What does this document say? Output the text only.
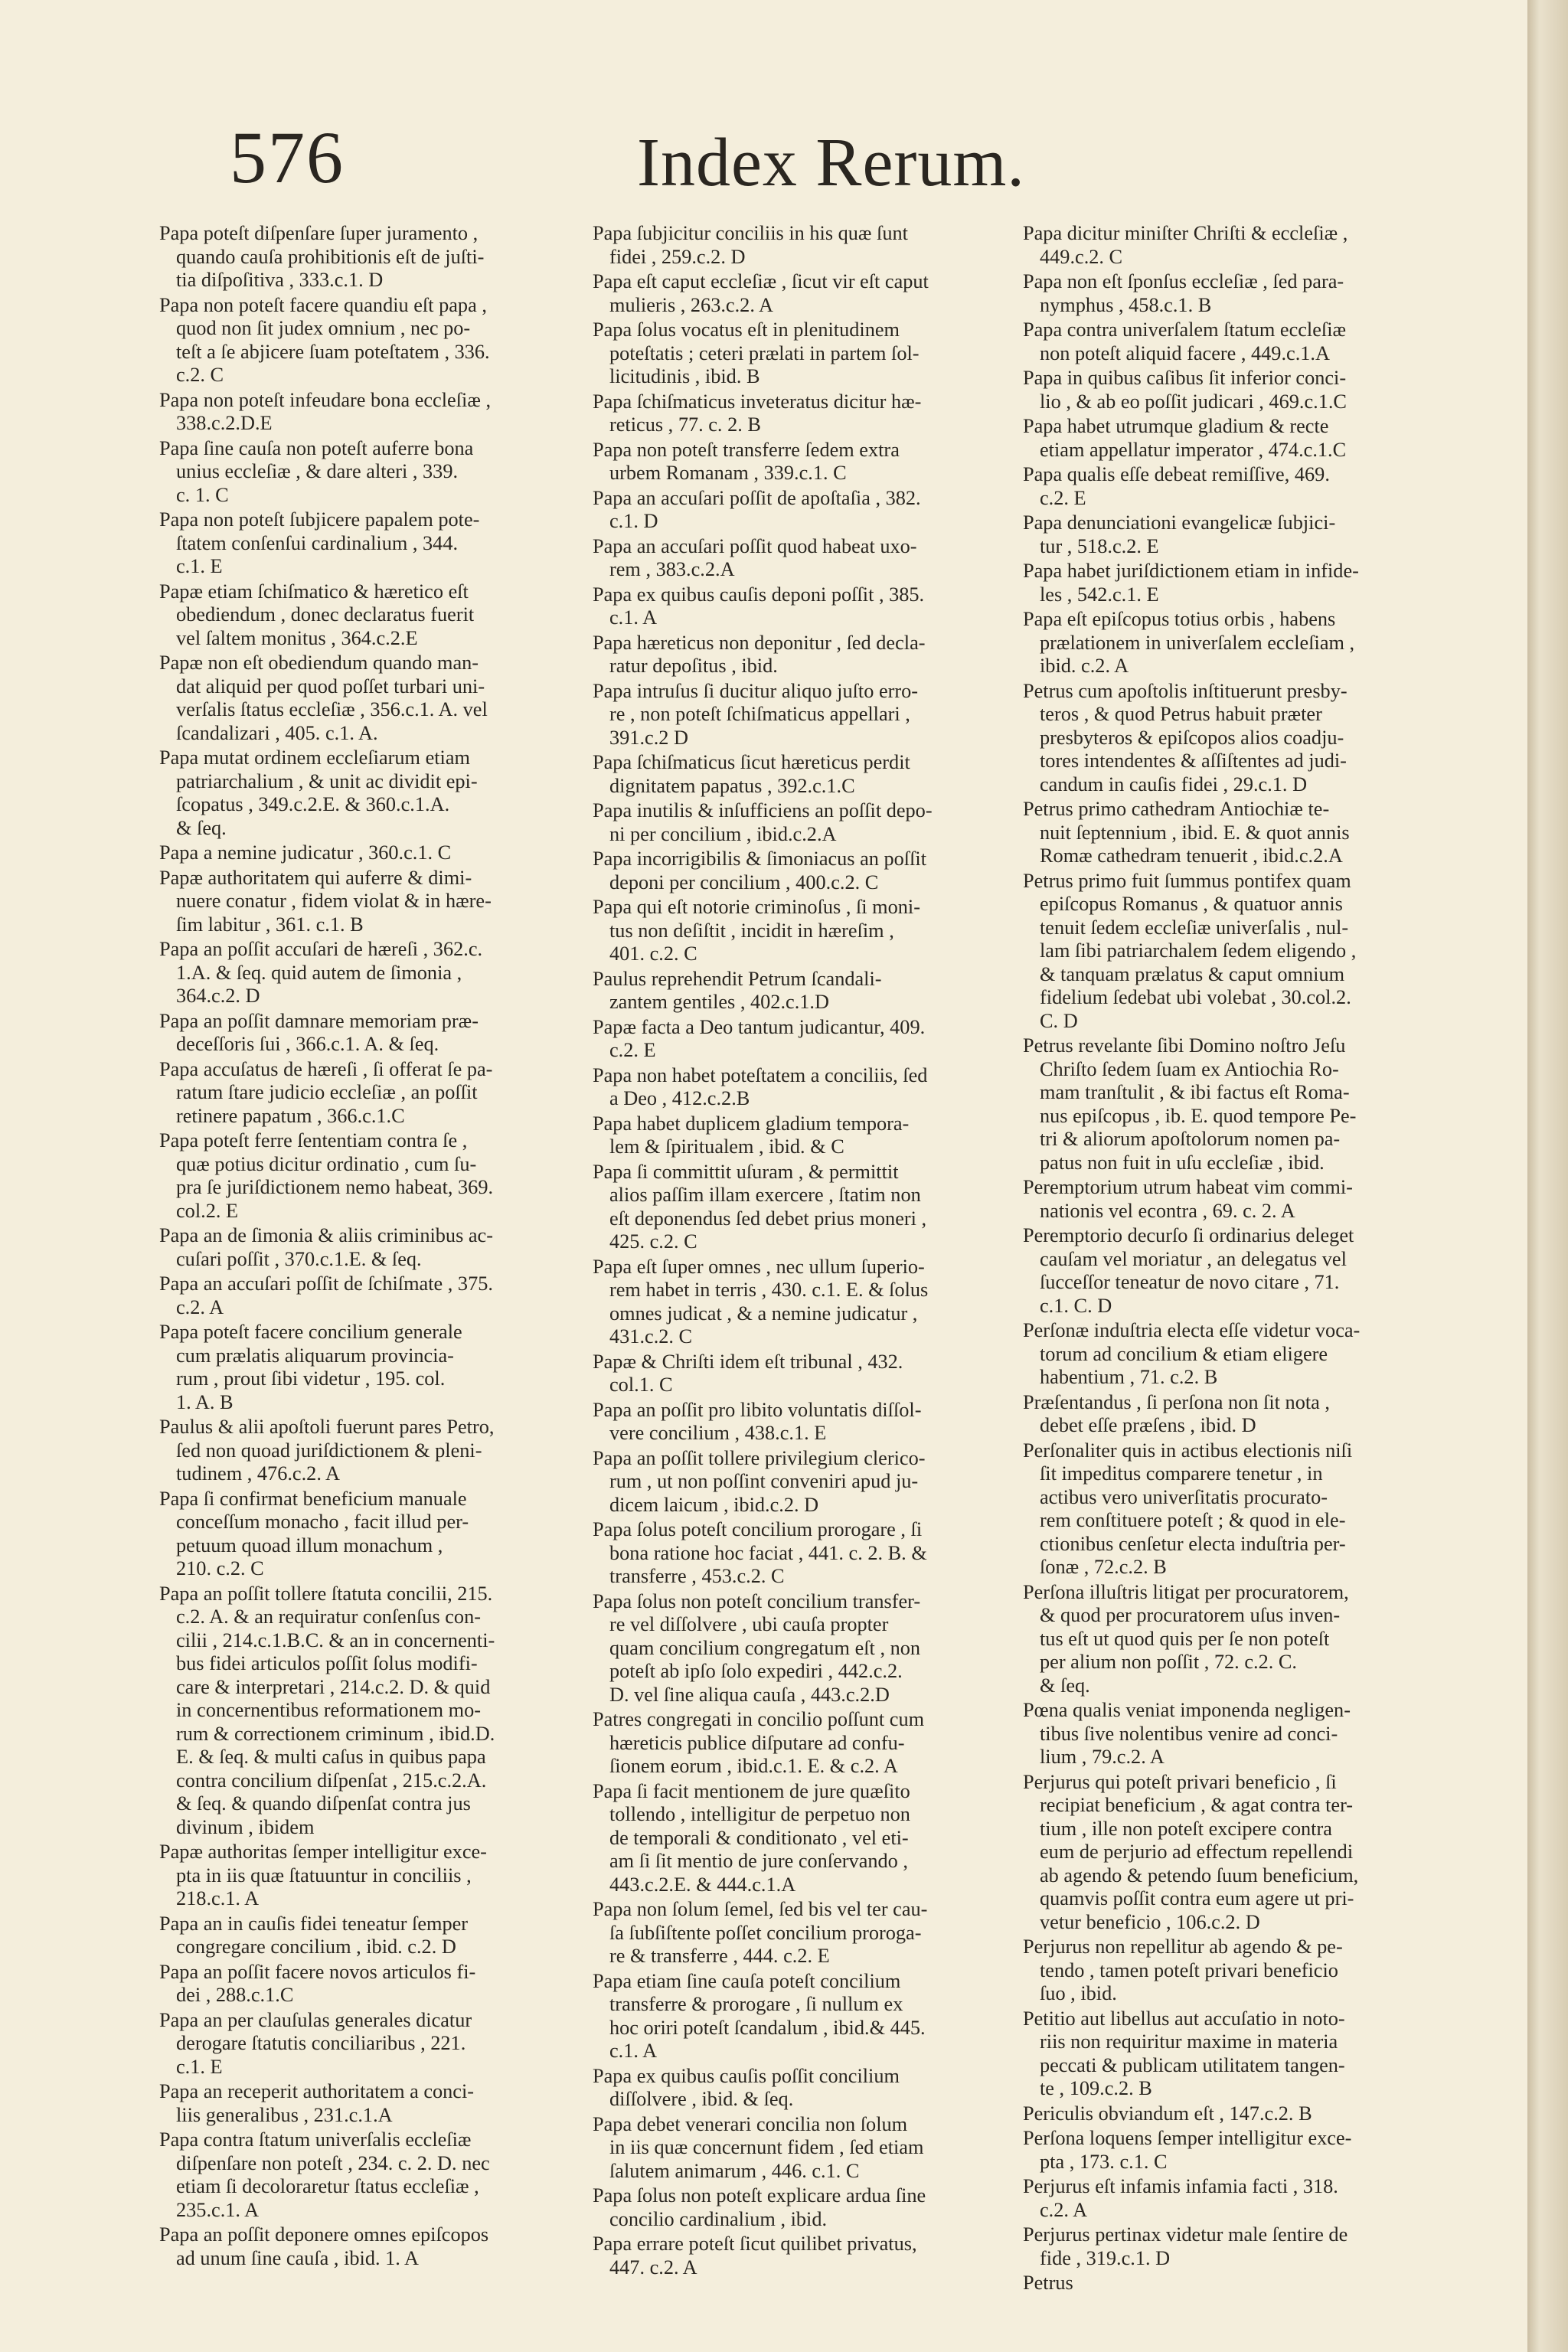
576	Index Rerum.

Papa poteſt diſpenſare ſuper juramento ,
quando cauſa prohibitionis eſt de juſti-
tia diſpoſitiva , 333.c.1. D

Papa non poteſt facere quandiu eſt papa ,
quod non ſit judex omnium , nec po-
teſt a ſe abjicere ſuam poteſtatem , 336.
c.2. C

Papa non poteſt infeudare bona eccleſiæ ,
338.c.2.D.E

Papa ſine cauſa non poteſt auferre bona
unius eccleſiæ , & dare alteri , 339.
c. 1. C

Papa non poteſt ſubjicere papalem pote-
ſtatem conſenſui cardinalium , 344.
c.1. E

Papæ etiam ſchiſmatico & hæretico eſt
obediendum , donec declaratus fuerit
vel ſaltem monitus , 364.c.2.E

Papæ non eſt obediendum quando man-
dat aliquid per quod poſſet turbari uni-
verſalis ſtatus eccleſiæ , 356.c.1. A. vel
ſcandalizari , 405. c.1. A.

Papa mutat ordinem eccleſiarum etiam
patriarchalium , & unit ac dividit epi-
ſcopatus , 349.c.2.E. & 360.c.1.A.
& ſeq.

Papa a nemine judicatur , 360.c.1. C

Papæ authoritatem qui auferre & dimi-
nuere conatur , fidem violat & in hære-
ſim labitur , 361. c.1. B

Papa an poſſit accuſari de hæreſi , 362.c.
1.A. & ſeq. quid autem de ſimonia ,
364.c.2. D

Papa an poſſit damnare memoriam præ-
deceſſoris ſui , 366.c.1. A. & ſeq.

Papa accuſatus de hæreſi , ſi offerat ſe pa-
ratum ſtare judicio eccleſiæ , an poſſit
retinere papatum , 366.c.1.C

Papa poteſt ferre ſententiam contra ſe ,
quæ potius dicitur ordinatio , cum ſu-
pra ſe juriſdictionem nemo habeat, 369.
col.2. E

Papa an de ſimonia & aliis criminibus ac-
cuſari poſſit , 370.c.1.E. & ſeq.

Papa an accuſari poſſit de ſchiſmate , 375.
c.2. A

Papa poteſt facere concilium generale
cum prælatis aliquarum provincia-
rum , prout ſibi videtur , 195. col.
1. A. B

Paulus & alii apoſtoli fuerunt pares Petro,
ſed non quoad juriſdictionem & pleni-
tudinem , 476.c.2. A

Papa ſi confirmat beneficium manuale
conceſſum monacho , facit illud per-
petuum quoad illum monachum ,
210. c.2. C

Papa an poſſit tollere ſtatuta concilii, 215.
c.2. A. & an requiratur conſenſus con-
cilii , 214.c.1.B.C. & an in concernenti-
bus fidei articulos poſſit ſolus modifi-
care & interpretari , 214.c.2. D. & quid
in concernentibus reformationem mo-
rum & correctionem criminum , ibid.D.
E. & ſeq. & multi caſus in quibus papa
contra concilium diſpenſat , 215.c.2.A.
& ſeq. & quando diſpenſat contra jus
divinum , ibidem

Papæ authoritas ſemper intelligitur exce-
pta in iis quæ ſtatuuntur in conciliis ,
218.c.1. A

Papa an in cauſis fidei teneatur ſemper
congregare concilium , ibid. c.2. D

Papa an poſſit facere novos articulos fi-
dei , 288.c.1.C

Papa an per clauſulas generales dicatur
derogare ſtatutis conciliaribus , 221.
c.1. E

Papa an receperit authoritatem a conci-
liis generalibus , 231.c.1.A

Papa contra ſtatum univerſalis eccleſiæ
diſpenſare non poteſt , 234. c. 2. D. nec
etiam ſi decoloraretur ſtatus eccleſiæ ,
235.c.1. A

Papa an poſſit deponere omnes epiſcopos
ad unum ſine cauſa , ibid. 1. A

Papa ſubjicitur conciliis in his quæ ſunt
fidei , 259.c.2. D

Papa eſt caput eccleſiæ , ſicut vir eſt caput
mulieris , 263.c.2. A

Papa ſolus vocatus eſt in plenitudinem
poteſtatis ; ceteri prælati in partem ſol-
licitudinis , ibid. B

Papa ſchiſmaticus inveteratus dicitur hæ-
reticus , 77. c. 2. B

Papa non poteſt transferre ſedem extra
urbem Romanam , 339.c.1. C

Papa an accuſari poſſit de apoſtaſia , 382.
c.1. D

Papa an accuſari poſſit quod habeat uxo-
rem , 383.c.2.A

Papa ex quibus cauſis deponi poſſit , 385.
c.1. A

Papa hæreticus non deponitur , ſed decla-
ratur depoſitus , ibid.

Papa intruſus ſi ducitur aliquo juſto erro-
re , non poteſt ſchiſmaticus appellari ,
391.c.2 D

Papa ſchiſmaticus ſicut hæreticus perdit
dignitatem papatus , 392.c.1.C

Papa inutilis & inſufficiens an poſſit depo-
ni per concilium , ibid.c.2.A

Papa incorrigibilis & ſimoniacus an poſſit
deponi per concilium , 400.c.2. C

Papa qui eſt notorie criminoſus , ſi moni-
tus non deſiſtit , incidit in hæreſim ,
401. c.2. C

Paulus reprehendit Petrum ſcandali-
zantem gentiles , 402.c.1.D

Papæ facta a Deo tantum judicantur, 409.
c.2. E

Papa non habet poteſtatem a conciliis, ſed
a Deo , 412.c.2.B

Papa habet duplicem gladium tempora-
lem & ſpiritualem , ibid. & C

Papa ſi committit uſuram , & permittit
alios paſſim illam exercere , ſtatim non
eſt deponendus ſed debet prius moneri ,
425. c.2. C

Papa eſt ſuper omnes , nec ullum ſuperio-
rem habet in terris , 430. c.1. E. & ſolus
omnes judicat , & a nemine judicatur ,
431.c.2. C

Papæ & Chriſti idem eſt tribunal , 432.
col.1. C

Papa an poſſit pro libito voluntatis diſſol-
vere concilium , 438.c.1. E

Papa an poſſit tollere privilegium clerico-
rum , ut non poſſint conveniri apud ju-
dicem laicum , ibid.c.2. D

Papa ſolus poteſt concilium prorogare , ſi
bona ratione hoc faciat , 441. c. 2. B. &
transferre , 453.c.2. C

Papa ſolus non poteſt concilium transfer-
re vel diſſolvere , ubi cauſa propter
quam concilium congregatum eſt , non
poteſt ab ipſo ſolo expediri , 442.c.2.
D. vel ſine aliqua cauſa , 443.c.2.D

Patres congregati in concilio poſſunt cum
hæreticis publice diſputare ad confu-
ſionem eorum , ibid.c.1. E. & c.2. A

Papa ſi facit mentionem de jure quæſito
tollendo , intelligitur de perpetuo non
de temporali & conditionato , vel eti-
am ſi ſit mentio de jure conſervando ,
443.c.2.E. & 444.c.1.A

Papa non ſolum ſemel, ſed bis vel ter cau-
ſa ſubſiſtente poſſet concilium proroga-
re & transferre , 444. c.2. E

Papa etiam ſine cauſa poteſt concilium
transferre & prorogare , ſi nullum ex
hoc oriri poteſt ſcandalum , ibid.& 445.
c.1. A

Papa ex quibus cauſis poſſit concilium
diſſolvere , ibid. & ſeq.

Papa debet venerari concilia non ſolum
in iis quæ concernunt fidem , ſed etiam
ſalutem animarum , 446. c.1. C

Papa ſolus non poteſt explicare ardua ſine
concilio cardinalium , ibid.

Papa errare poteſt ſicut quilibet privatus,
447. c.2. A

Papa dicitur miniſter Chriſti & eccleſiæ ,
449.c.2. C

Papa non eſt ſponſus eccleſiæ , ſed para-
nymphus , 458.c.1. B

Papa contra univerſalem ſtatum eccleſiæ
non poteſt aliquid facere , 449.c.1.A

Papa in quibus caſibus ſit inferior conci-
lio , & ab eo poſſit judicari , 469.c.1.C

Papa habet utrumque gladium & recte
etiam appellatur imperator , 474.c.1.C

Papa qualis eſſe debeat remiſſive, 469.
c.2. E

Papa denunciationi evangelicæ ſubjici-
tur , 518.c.2. E

Papa habet juriſdictionem etiam in infide-
les , 542.c.1. E

Papa eſt epiſcopus totius orbis , habens
prælationem in univerſalem eccleſiam ,
ibid. c.2. A

Petrus cum apoſtolis inſtituerunt presby-
teros , & quod Petrus habuit præter
presbyteros & epiſcopos alios coadju-
tores intendentes & aſſiſtentes ad judi-
candum in cauſis fidei , 29.c.1. D

Petrus primo cathedram Antiochiæ te-
nuit ſeptennium , ibid. E. & quot annis
Romæ cathedram tenuerit , ibid.c.2.A

Petrus primo fuit ſummus pontifex quam
epiſcopus Romanus , & quatuor annis
tenuit ſedem eccleſiæ univerſalis , nul-
lam ſibi patriarchalem ſedem eligendo ,
& tanquam prælatus & caput omnium
fidelium ſedebat ubi volebat , 30.col.2.
C. D

Petrus revelante ſibi Domino noſtro Jeſu
Chriſto ſedem ſuam ex Antiochia Ro-
mam tranſtulit , & ibi factus eſt Roma-
nus epiſcopus , ib. E. quod tempore Pe-
tri & aliorum apoſtolorum nomen pa-
patus non fuit in uſu eccleſiæ , ibid.

Peremptorium utrum habeat vim commi-
nationis vel econtra , 69. c. 2. A

Peremptorio decurſo ſi ordinarius deleget
cauſam vel moriatur , an delegatus vel
ſucceſſor teneatur de novo citare , 71.
c.1. C. D

Perſonæ induſtria electa eſſe videtur voca-
torum ad concilium & etiam eligere
habentium , 71. c.2. B

Præſentandus , ſi perſona non ſit nota ,
debet eſſe præſens , ibid. D

Perſonaliter quis in actibus electionis niſi
ſit impeditus comparere tenetur , in
actibus vero univerſitatis procurato-
rem conſtituere poteſt ; & quod in ele-
ctionibus cenſetur electa induſtria per-
ſonæ , 72.c.2. B

Perſona illuſtris litigat per procuratorem,
& quod per procuratorem uſus inven-
tus eſt ut quod quis per ſe non poteſt
per alium non poſſit , 72. c.2. C.
& ſeq.

Pœna qualis veniat imponenda negligen-
tibus ſive nolentibus venire ad conci-
lium , 79.c.2. A

Perjurus qui poteſt privari beneficio , ſi
recipiat beneficium , & agat contra ter-
tium , ille non poteſt excipere contra
eum de perjurio ad effectum repellendi
ab agendo & petendo ſuum beneficium,
quamvis poſſit contra eum agere ut pri-
vetur beneficio , 106.c.2. D

Perjurus non repellitur ab agendo & pe-
tendo , tamen poteſt privari beneficio
ſuo , ibid.

Petitio aut libellus aut accuſatio in noto-
riis non requiritur maxime in materia
peccati & publicam utilitatem tangen-
te , 109.c.2. B

Periculis obviandum eſt , 147.c.2. B

Perſona loquens ſemper intelligitur exce-
pta , 173. c.1. C

Perjurus eſt infamis infamia facti , 318.
c.2. A

Perjurus pertinax videtur male ſentire de
fide , 319.c.1. D

Petrus
